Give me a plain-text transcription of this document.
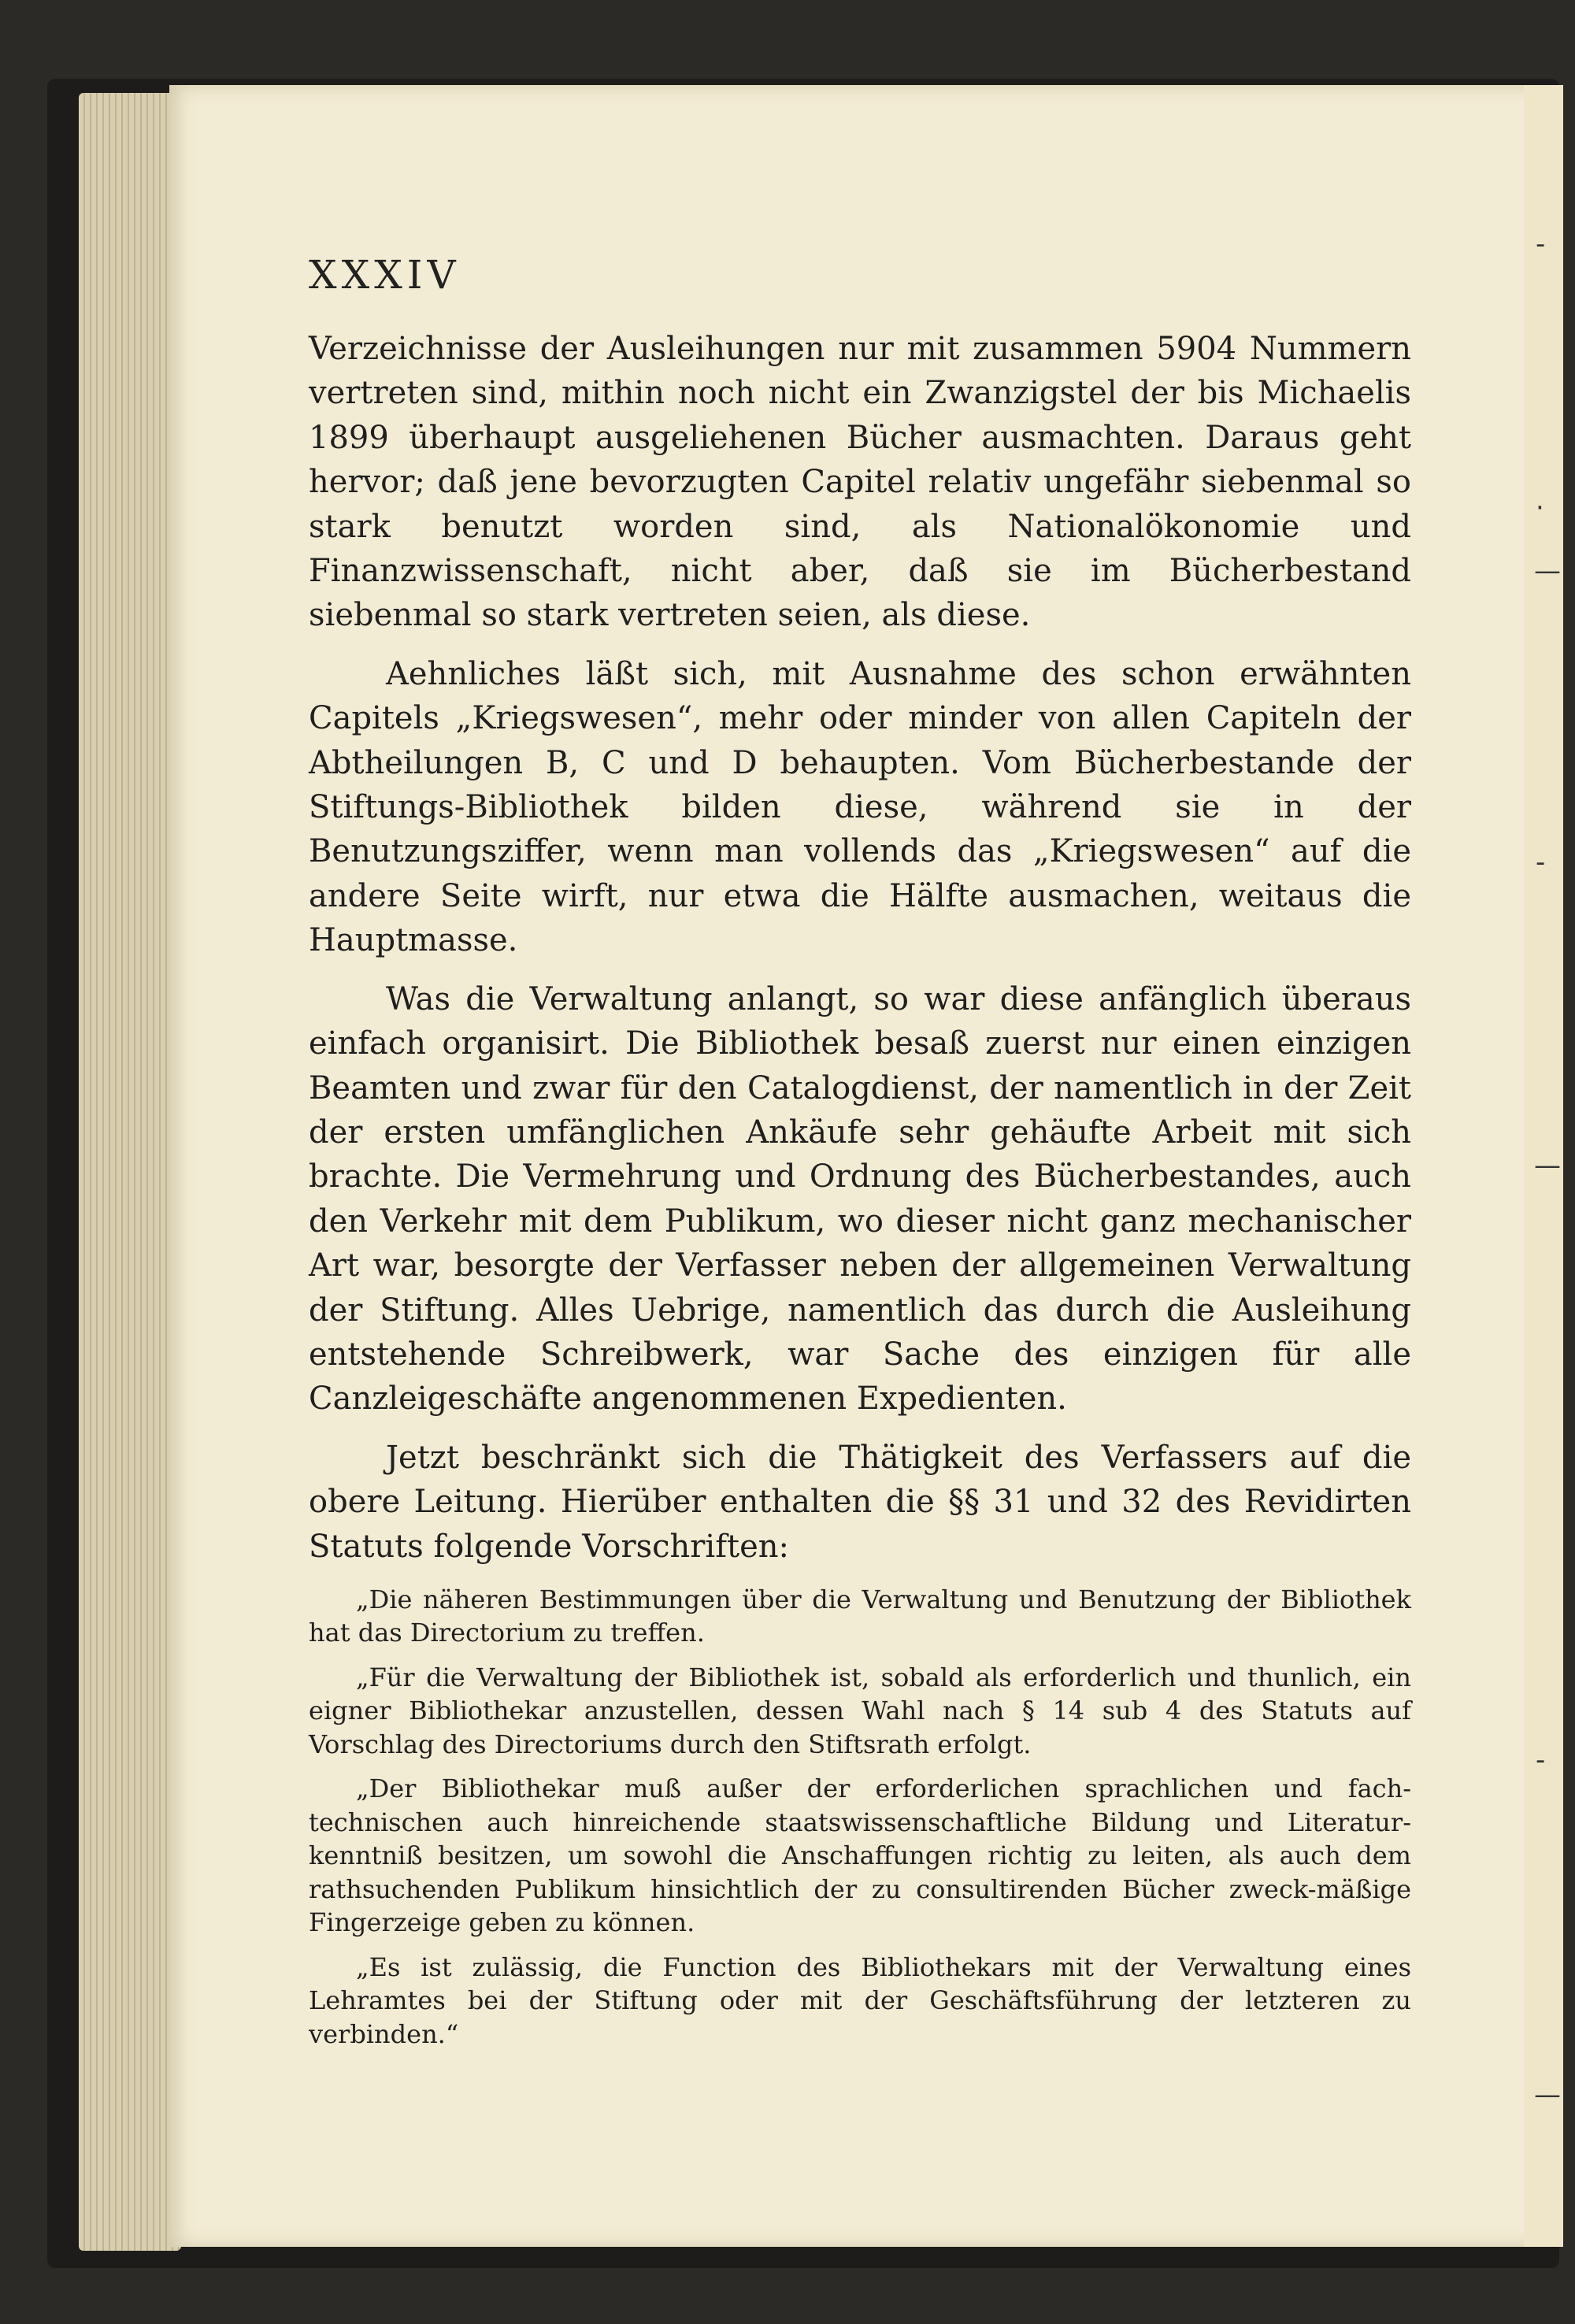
-
·
—
-
—
-
—
XXXIV

Verzeichnisse der Ausleihungen nur mit zusammen 5904 Nummern vertreten sind, mithin noch nicht ein Zwanzigstel der bis Michaelis 1899 überhaupt ausgeliehenen Bücher ausmachten. Daraus geht hervor; daß jene bevorzugten Capitel relativ ungefähr siebenmal so stark benutzt worden sind, als Nationalökonomie und Finanzwissenschaft, nicht aber, daß sie im Bücherbestand siebenmal so stark vertreten seien, als diese.

Aehnliches läßt sich, mit Ausnahme des schon erwähnten Capitels „Kriegswesen“, mehr oder minder von allen Capiteln der Abtheilungen B, C und D behaupten. Vom Bücherbestande der Stiftungs-Bibliothek bilden diese, während sie in der Benutzungsziffer, wenn man vollends das „Kriegswesen“ auf die andere Seite wirft, nur etwa die Hälfte ausmachen, weitaus die Hauptmasse.

Was die Verwaltung anlangt, so war diese anfänglich überaus einfach organisirt. Die Bibliothek besaß zuerst nur einen einzigen Beamten und zwar für den Catalogdienst, der namentlich in der Zeit der ersten umfänglichen Ankäufe sehr gehäufte Arbeit mit sich brachte. Die Vermehrung und Ordnung des Bücherbestandes, auch den Verkehr mit dem Publikum, wo dieser nicht ganz mechanischer Art war, besorgte der Verfasser neben der allgemeinen Verwaltung der Stiftung. Alles Uebrige, namentlich das durch die Ausleihung entstehende Schreibwerk, war Sache des einzigen für alle Canzleigeschäfte angenommenen Expedienten.

Jetzt beschränkt sich die Thätigkeit des Verfassers auf die obere Leitung. Hierüber enthalten die §§ 31 und 32 des Revidirten Statuts folgende Vorschriften:

„Die näheren Bestimmungen über die Verwaltung und Benutzung der Bibliothek hat das Directorium zu treffen.

„Für die Verwaltung der Bibliothek ist, sobald als erforderlich und thunlich, ein eigner Bibliothekar anzustellen, dessen Wahl nach § 14 sub 4 des Statuts auf Vorschlag des Directoriums durch den Stiftsrath erfolgt.

„Der Bibliothekar muß außer der erforderlichen sprachlichen und fach-technischen auch hinreichende staatswissenschaftliche Bildung und Literatur-kenntniß besitzen, um sowohl die Anschaffungen richtig zu leiten, als auch dem rathsuchenden Publikum hinsichtlich der zu consultirenden Bücher zweck-mäßige Fingerzeige geben zu können.

„Es ist zulässig, die Function des Bibliothekars mit der Verwaltung eines Lehramtes bei der Stiftung oder mit der Geschäftsführung der letzteren zu verbinden.“
